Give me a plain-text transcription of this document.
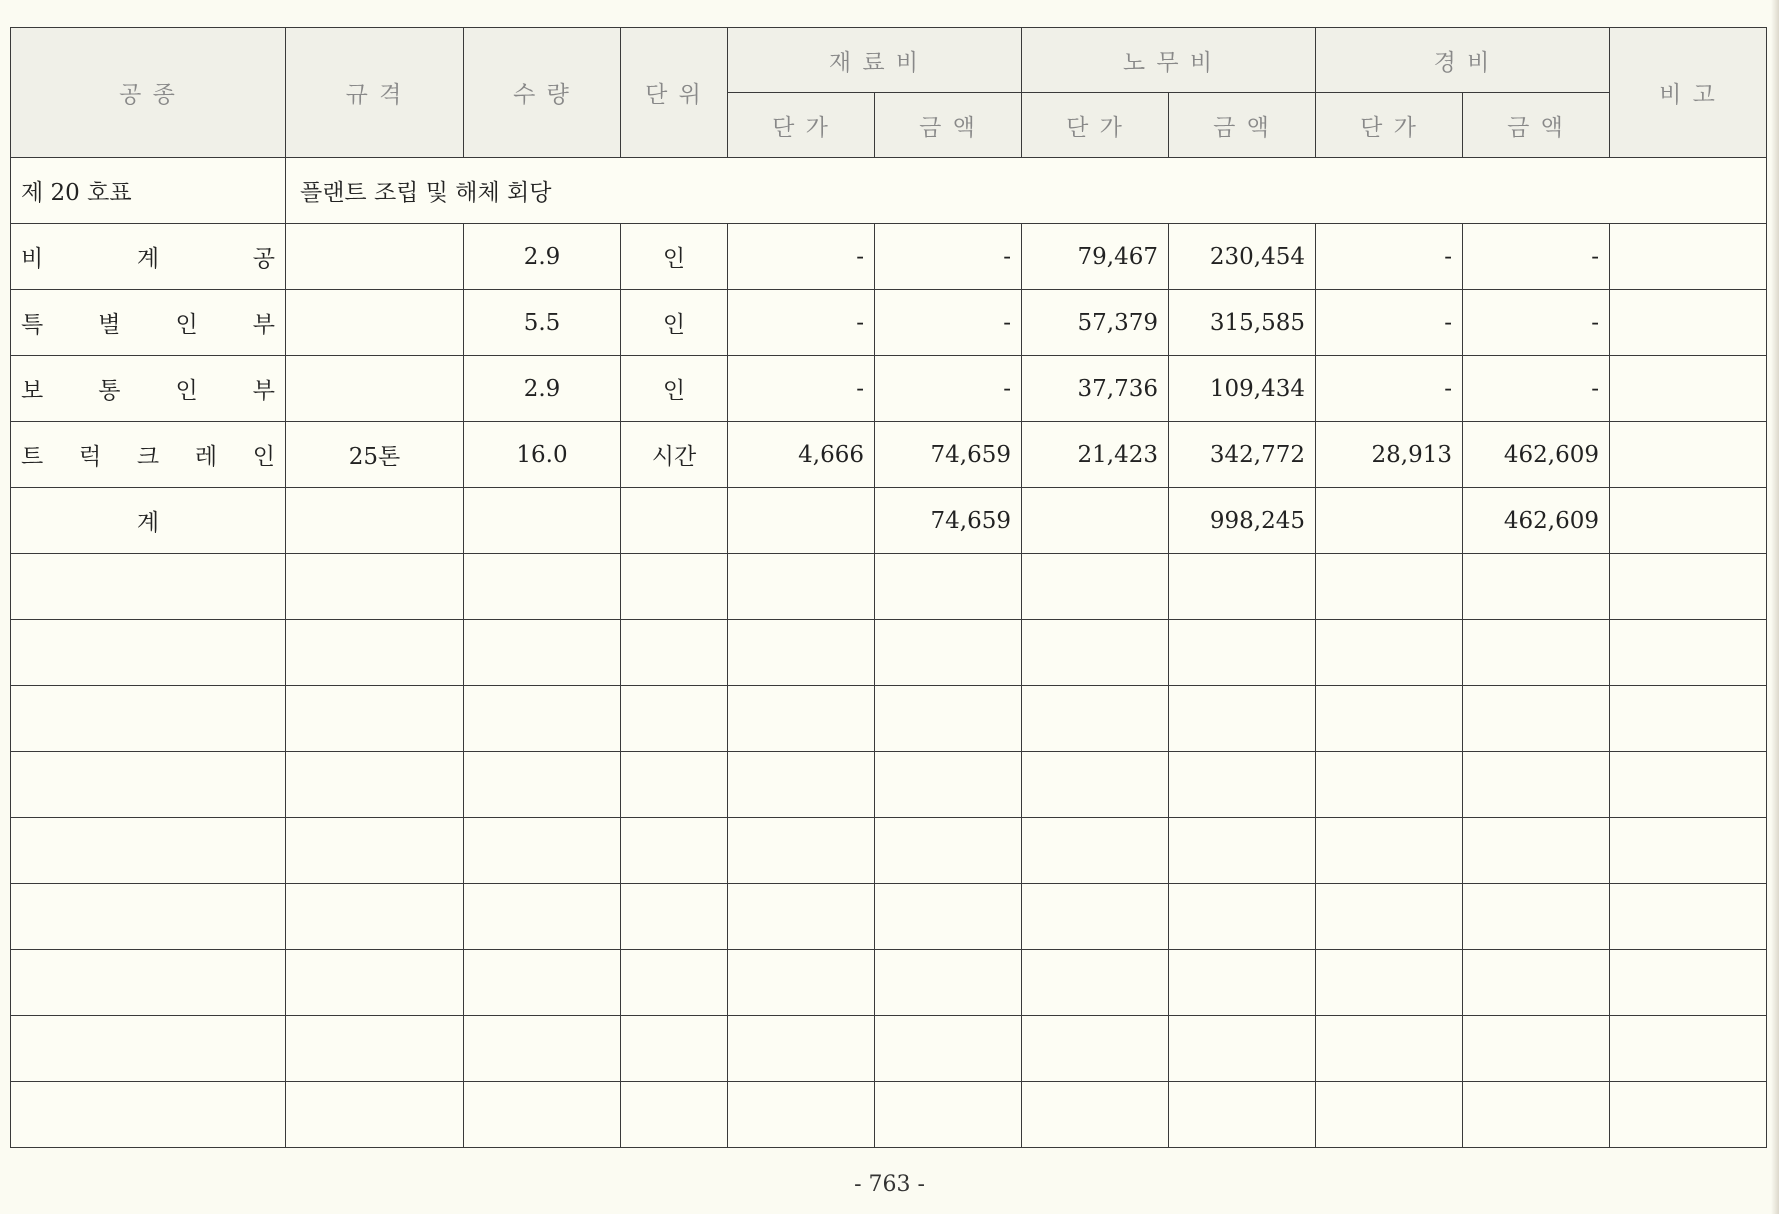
공 종	규 격	수 량	단 위	재 료 비		노 무 비		경 비		비 고
				단 가	금 액	단 가	금 액	단 가	금 액	
제 20 호표	플랜트 조립 및 해체 회당									

비 계 공		2.9	인	-	-	79,467	230,454	-	-	

특 별 인 부		5.5	인	-	-	57,379	315,585	-	-	

보 통 인 부		2.9	인	-	-	37,736	109,434	-	-	

트 럭 크 레 인	25톤	16.0	시간	4,666	74,659	21,423	342,772	28,913	462,609	
계					74,659		998,245		462,609	

- 763 -
